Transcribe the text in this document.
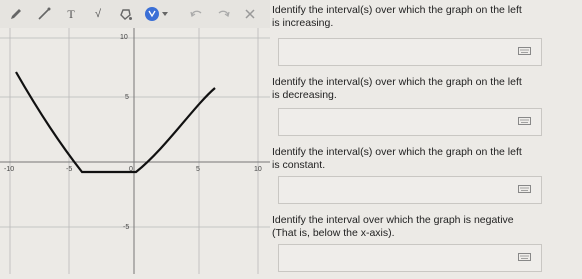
T	√
-10	-5	0	5	10
10
5
-5
Identify the interval(s) over which the graph on the left
is increasing.
Identify the interval(s) over which the graph on the left
is decreasing.
Identify the interval(s) over which the graph on the left
is constant.
Identify the interval over which the graph is negative
(That is, below the x-axis).
